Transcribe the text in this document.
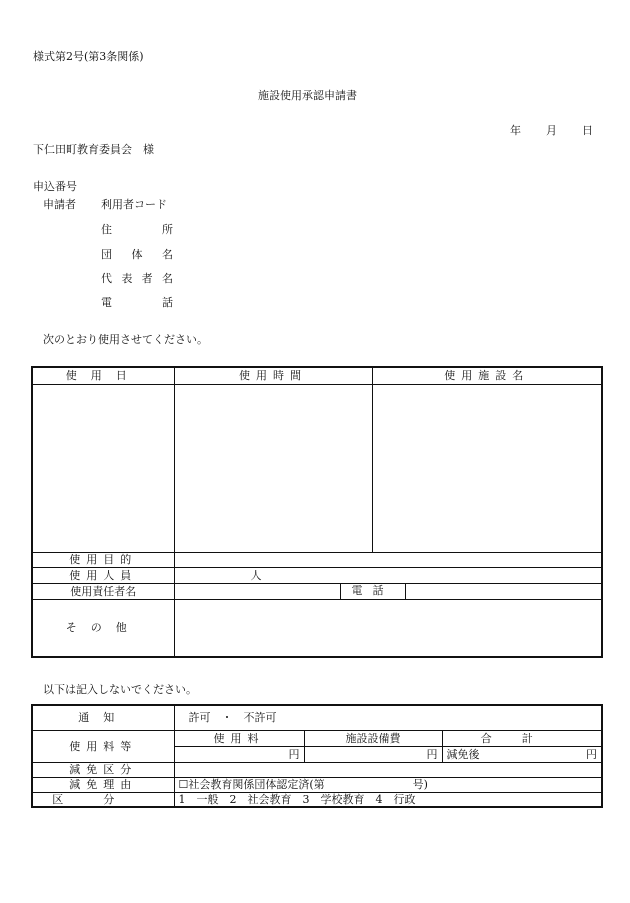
様式第2号(第3条関係)
施設使用承認申請書
年 月 日
下仁田町教育委員会　様
申込番号
申請者 利用者コード
住所
団体名
代表者名
電話
次のとおり使用させてください。
使用日	使用時間		使用施設名

使用目的			
使用人員	人		
使用責任者名		電話	

その他			
以下は記入しないでください。
通知	許可　・　不許可		
使用料等	使用料	施設設備費	合計
	円	円	減免後 円

減免区分			
減免理由	☐社会教育関係団体認定済(第　　　　　　　　号)		
区分	1　一般　2　社会教育　3　学校教育　4　行政		
